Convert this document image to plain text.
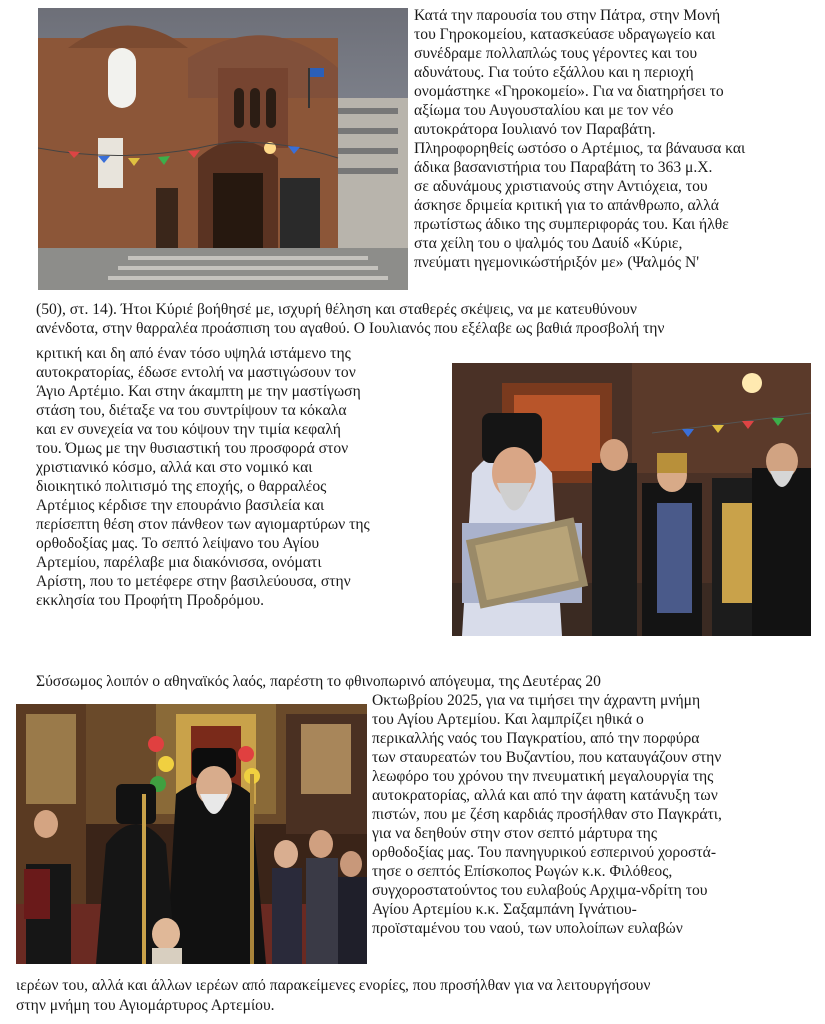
Κατά την παρουσία του στην Πάτρα, στην Μονή
του Γηροκομείου, κατασκεύασε υδραγωγείο και
συνέδραμε πολλαπλώς τους γέροντες και του
αδυνάτους. Για τούτο εξάλλου και η περιοχή
ονομάστηκε «Γηροκομείο». Για να διατηρήσει το
αξίωμα του Αυγουσταλίου και με τον νέο
αυτοκράτορα Ιουλιανό τον Παραβάτη.
Πληροφορηθείς ωστόσο ο Αρτέμιος, τα βάναυσα και
άδικα βασανιστήρια του Παραβάτη το 363 μ.Χ.
σε αδυνάμους χριστιανούς στην Αντιόχεια, του
άσκησε δριμεία κριτική για το απάνθρωπο, αλλά
πρωτίστως άδικο της συμπεριφοράς του. Και ήλθε
στα χείλη του ο ψαλμός του Δαυίδ «Κύριε,
πνεύματι ηγεμονικώστήριξόν με» (Ψαλμός Ν'
(50), στ. 14). Ήτοι Κύριέ βοήθησέ με, ισχυρή θέληση και σταθερές σκέψεις, να με κατευθύνουν
ανένδοτα, στην θαρραλέα προάσπιση του αγαθού. Ο Ιουλιανός που εξέλαβε ως βαθιά προσβολή την
κριτική και δη από έναν τόσο υψηλά ιστάμενο της
αυτοκρατορίας, έδωσε εντολή να μαστιγώσουν τον
Άγιο Αρτέμιο. Και στην άκαμπτη με την μαστίγωση
στάση του, διέταξε να του συντρίψουν τα κόκαλα
και εν συνεχεία να του κόψουν την τιμία κεφαλή
του. Όμως με την θυσιαστική του προσφορά στον
χριστιανικό κόσμο, αλλά και στο νομικό και
διοικητικό πολιτισμό της εποχής, ο θαρραλέος
Αρτέμιος κέρδισε την επουράνιο βασιλεία και
περίσεπτη θέση στον πάνθεον των αγιομαρτύρων της
ορθοδοξίας μας. Το σεπτό λείψανο του Αγίου
Αρτεμίου, παρέλαβε μια διακόνισσα, ονόματι
Αρίστη, που το μετέφερε στην βασιλεύουσα, στην
εκκλησία του Προφήτη Προδρόμου.
Σύσσωμος λοιπόν ο αθηναϊκός λαός, παρέστη το φθινοπωρινό απόγευμα, της Δευτέρας 20
Οκτωβρίου 2025, για να τιμήσει την άχραντη μνήμη
του Αγίου Αρτεμίου. Και λαμπρίζει ηθικά ο
περικαλλής ναός του Παγκρατίου, από την πορφύρα
των σταυρεατών του Βυζαντίου, που καταυγάζουν στην
λεωφόρο του χρόνου την πνευματική μεγαλουργία της
αυτοκρατορίας, αλλά και από την άφατη κατάνυξη των
πιστών, που με ζέση καρδιάς προσήλθαν στο Παγκράτι,
για να δεηθούν στην στον σεπτό μάρτυρα της
ορθοδοξίας μας. Του πανηγυρικού εσπερινού χοροστά-
τησε ο σεπτός Επίσκοπος Ρωγών κ.κ. Φιλόθεος,
συγχοροστατούντος του ευλαβούς Αρχιμα-νδρίτη του
Αγίου Αρτεμίου κ.κ. Σαξαμπάνη Ιγνάτιου-
προϊσταμένου του ναού, των υπολοίπων ευλαβών
ιερέων του, αλλά και άλλων ιερέων από παρακείμενες ενορίες, που προσήλθαν για να λειτουργήσουν
στην μνήμη του Αγιομάρτυρος Αρτεμίου.
